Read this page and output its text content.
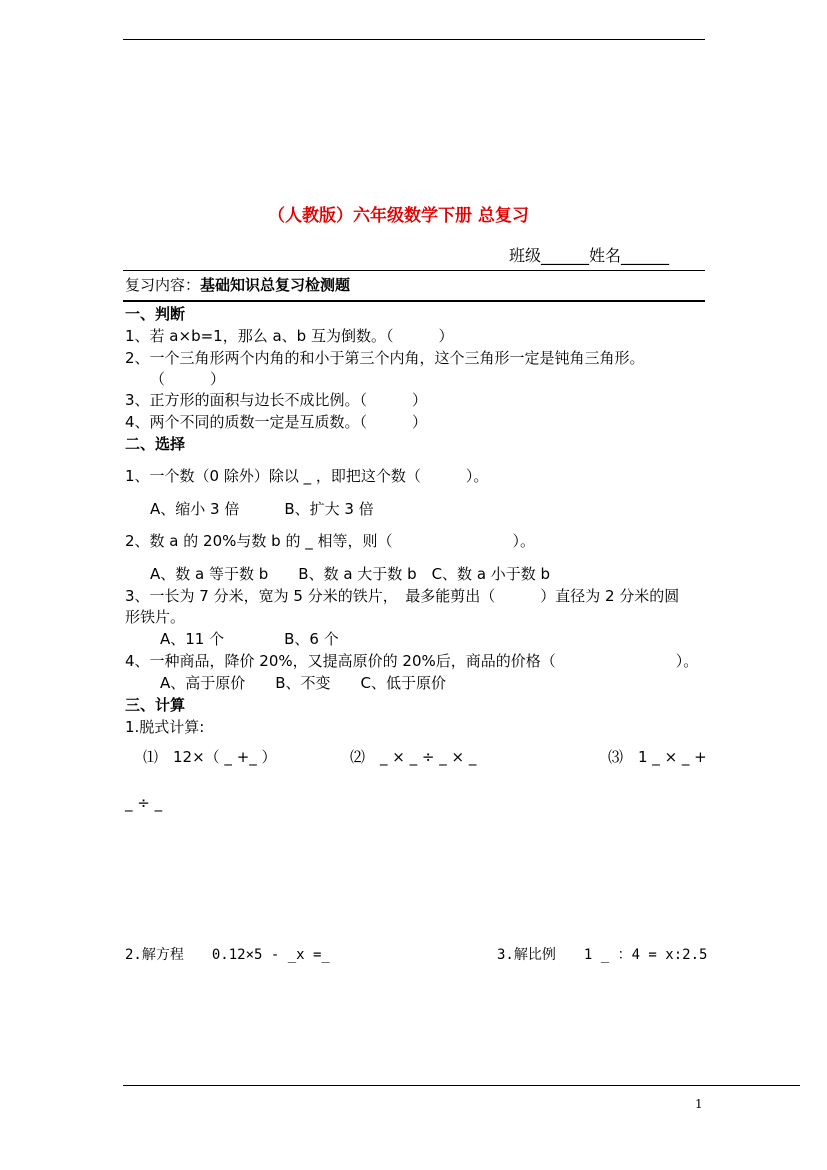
（人教版）六年级数学下册 总复习
班级______姓名______
复习内容：基础知识总复习检测题
一、判断
1、若 a×b=1，那么 a、b 互为倒数。（　　　）
2、一个三角形两个内角的和小于第三个内角，这个三角形一定是钝角三角形。
（　　　）
3、正方形的面积与边长不成比例。（　　　）
4、两个不同的质数一定是互质数。（　　　）
二、选择
1、一个数（0 除外）除以 _ ，即把这个数（　　　）。
A、缩小 3 倍　　　B、扩大 3 倍
2、数 a 的 20%与数 b 的 _ 相等，则（　　　　　　　　）。
A、数 a 等于数 b　　B、数 a 大于数 b　C、数 a 小于数 b
3、一长为 7 分米，宽为 5 分米的铁片，　最多能剪出（　　　）直径为 2 分米的圆
形铁片。
A、11 个　　　　B、6 个
4、一种商品，降价 20%，又提高原价的 20%后，商品的价格（　　　　　　　　）。
A、高于原价　　B、不变　　C、低于原价
三、计算
1.脱式计算:
⑴　12×（ _ +_ ）	⑵　_ × _ ÷ _ × _	⑶　1 _ × _ +
_ ÷ _
2.解方程　　0.12×5 - _x =_	3.解比例　　1 _ ：4 = x:2.5
1
